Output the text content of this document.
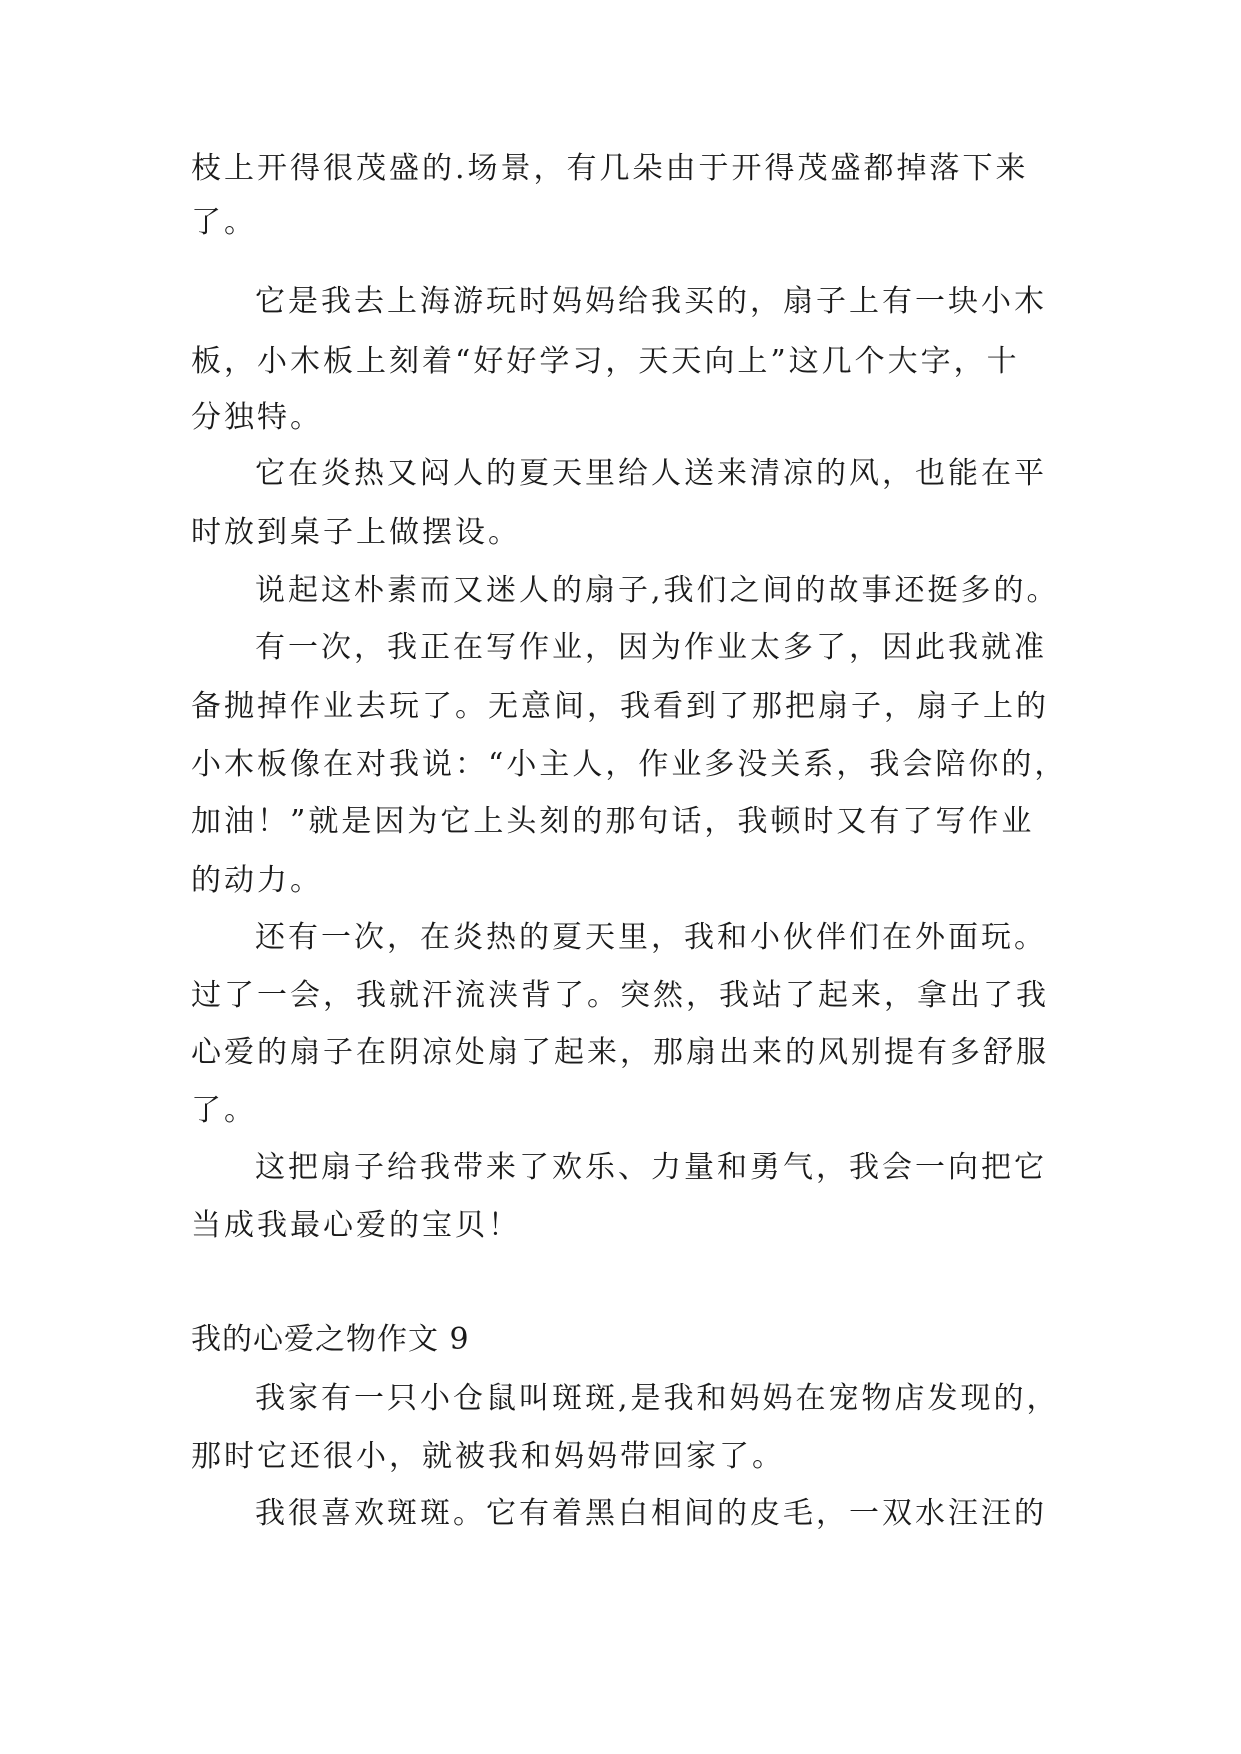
枝上开得很茂盛的.场景，有几朵由于开得茂盛都掉落下来
了。
它是我去上海游玩时妈妈给我买的，扇子上有一块小木
板，小木板上刻着“好好学习，天天向上”这几个大字，十
分独特。
它在炎热又闷人的夏天里给人送来清凉的风，也能在平
时放到桌子上做摆设。
说起这朴素而又迷人的扇子,我们之间的故事还挺多的。
有一次，我正在写作业，因为作业太多了，因此我就准
备抛掉作业去玩了。无意间，我看到了那把扇子，扇子上的
小木板像在对我说：“小主人，作业多没关系，我会陪你的，
加油！”就是因为它上头刻的那句话，我顿时又有了写作业
的动力。
还有一次，在炎热的夏天里，我和小伙伴们在外面玩。
过了一会，我就汗流浃背了。突然，我站了起来，拿出了我
心爱的扇子在阴凉处扇了起来，那扇出来的风别提有多舒服
了。
这把扇子给我带来了欢乐、力量和勇气，我会一向把它
当成我最心爱的宝贝！
我的心爱之物作文 9
我家有一只小仓鼠叫斑斑,是我和妈妈在宠物店发现的，
那时它还很小，就被我和妈妈带回家了。
我很喜欢斑斑。它有着黑白相间的皮毛，一双水汪汪的
